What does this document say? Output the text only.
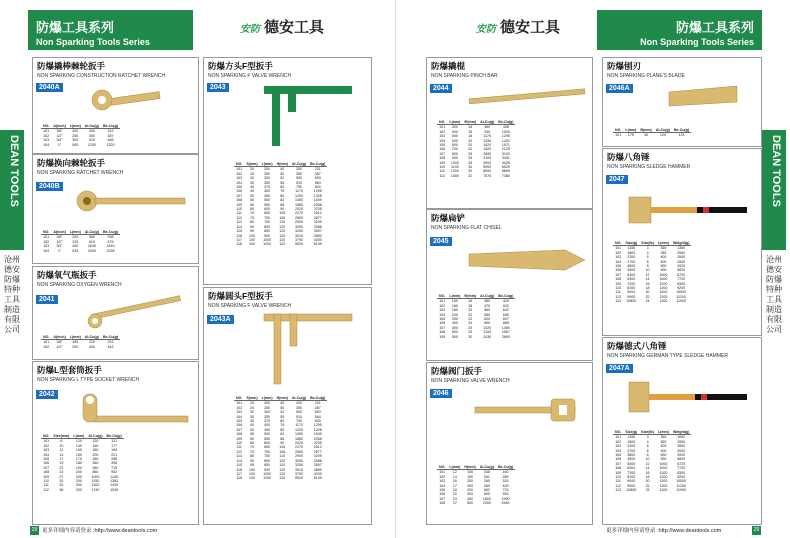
DEAN TOOLS
沧州德安防爆特种工具制造有限公司
防爆工具系列
Non Sparking Tools Series
安防 德安工具
防爆撬棒棘轮扳手
NON SPARKING CONSTRUCTION RATCHET WRENCH
2040A
NO.	A(inch)	L(mm)	Al-Cu(g)	Be-Cu(g)
101	3/8"	200	300	312
102	1/2"	250	350	387
103	3/4"	300	420	465
104	1"	500	1200	1320
防爆换向棘轮扳手
NON SPARKING RATCHET WRENCH
2040B
NO.	A(inch)	L(mm)	Al-Cu(g)	Be-Cu(g)
101	3/8"	200	360	398
102	1/2"	235	610	675
103	3/4"	400	1640	1815
104	1"	525	2000	2028
防爆氧气瓶扳手
NON SPARKING OXYGEN WRENCH
2041
NO.	A(inch)	L(mm)	Al-Cu(g)	Be-Cu(g)
101	3/8"	165	220	243
102	1/2"	200	400	443
防爆L型套筒扳手
NON SPARKING L TYPE SOCKET WRENCH
2042
NO.	Size(mm)	L(mm)	Al-Cu(g)	Be-Cu(g)
101	8	120	120	131
102	10	140	160	177
103	12	160	180	199
104	14	150	200	221
105	17	170	260	288
106	19	180	450	498
107	22	190	650	719
108	24	200	860	952
109	27	300	1000	1106
110	30	200	1250	1383
111	32	300	1300	1439
112	36	200	1740	1926
防爆方头F型扳手
NON SPARKING F VALVE WRENCH
2043
NO.	S(mm)	L(mm)	H(mm)	Al-Cu(g)	Be-Cu(g)
101	20	200	40	200	221
102	25	250	50	350	387
103	30	300	52	590	653
104	35	350	55	510	564
105	40	375	60	750	830
106	45	400	75	1170	1295
107	50	450	80	1200	1328
108	55	500	82	1400	1549
109	60	550	88	1860	2058
110	65	600	90	2020	2235
111	70	650	105	2270	2512
112	75	700	108	2600	2877
113	80	750	110	2900	3209
114	90	800	120	3050	3386
115	95	850	120	3250	3597
116	100	900	120	3510	3890
117	100	1000	120	3790	4200
118	100	1200	120	5520	6109
防爆圆头F型扳手
NON SPARKING F VALVE WRENCH
2043A
NO.	S(mm)	L(mm)	H(mm)	Al-Cu(g)	Be-Cu(g)
101	20	200	40	200	221
102	25	250	50	350	387
103	30	300	52	590	653
104	35	350	55	510	564
105	40	375	60	750	830
106	45	400	75	1170	1295
107	50	450	80	1200	1328
108	55	500	82	1400	1549
109	60	550	88	1860	2058
110	65	600	90	2020	2235
111	70	650	105	2270	2512
112	75	700	108	2600	2877
113	80	750	110	2900	3209
114	90	800	120	3050	3386
115	95	850	120	3250	3597
116	100	900	120	3510	3890
117	100	1000	120	3790	4200
118	100	1200	120	5520	6109
28 更多详细内容请登录 :http://www.deantools.com
DEAN TOOLS
沧州德安防爆特种工具制造有限公司
防爆工具系列
Non Sparking Tools Series
安防 德安工具
防爆撬棍
NON SPARKING PINCH BAR
2044
NO.	L(mm)	Φ(mm)	Al-Cu(g)	Be-Cu(g)
101	300	16	450	498
102	400	16	930	1030
103	500	18	1170	1295
104	500	20	1330	1432
105	600	20	1420	1571
106	700	22	1920	2125
107	800	25	2890	3100
108	900	26	3100	3431
109	1000	28	4000	4426
110	1100	30	5900	6529
111	1200	30	6050	6699
112	1500	32	7070	7384
防爆扁铲
NON SPARKING FLAT CHISEL
2045
NO.	L(mm)	Φ(mm)	Al-Cu(g)	Be-Cu(g)
101	160	16	380	420
102	160	18	470	520
103	180	20	560	642
104	200	20	580	655
105	250	22	620	697
106	300	24	800	885
107	400	25	1320	1460
108	500	25	2100	2567
109	500	30	2430	2690
防爆阀门扳手
NON SPARKING VALVE WRENCH
2046
NO.	L(mm)	H(mm)	Al-Cu(g)	Be-Cu(g)
101	12	100	345	160
102	14	150	261	289
103	16	200	285	315
104	17	300	360	405
105	19	200	662	733
106	22	400	890	992
107	24	450	1800	1990
108	27	600	2300	2545
防爆刨刃
NON SPARKING PLANE'S BLADE
2046A
NO.	L(mm)	B(mm)	Al-Cu(g)	Be-Cu(g)
101	175	45	120	133
防爆八角锤
NON SPARKING SLEDGE HAMMER
2047
NO.	Size(g)	Size(lb)	L(mm)	Weight(g)
101	1350	3	350	1360
102	1800	4	355	2060
103	2300	5	400	2600
104	2700	6	400	2000
105	3600	8	900	4920
106	4500	10	900	5820
107	5400	12	1000	6720
108	6300	14	1000	7720
109	7200	16	1200	8300
110	8100	18	1200	9200
111	9000	20	1200	10000
112	9900	22	1200	11200
113	10800	24	1200	11900
防爆德式八角锤
NON SPARKING GERMAN TYPE SLEDGE HAMMER
2047A
NO.	Size(g)	Size(lb)	L(mm)	Weight(g)
101	1350	3	350	1060
102	1800	4	355	2060
103	2300	5	400	2600
104	2700	6	400	2000
105	3600	8	900	4920
106	4500	10	900	5820
107	5400	12	1000	6720
108	6300	14	1000	7720
109	7200	16	1200	8300
110	8100	18	1200	9200
111	9000	20	1200	10000
112	9900	22	1200	11200
113	10800	24	1200	11900
更多详细内容请登录 :http://www.deantools.com	29
